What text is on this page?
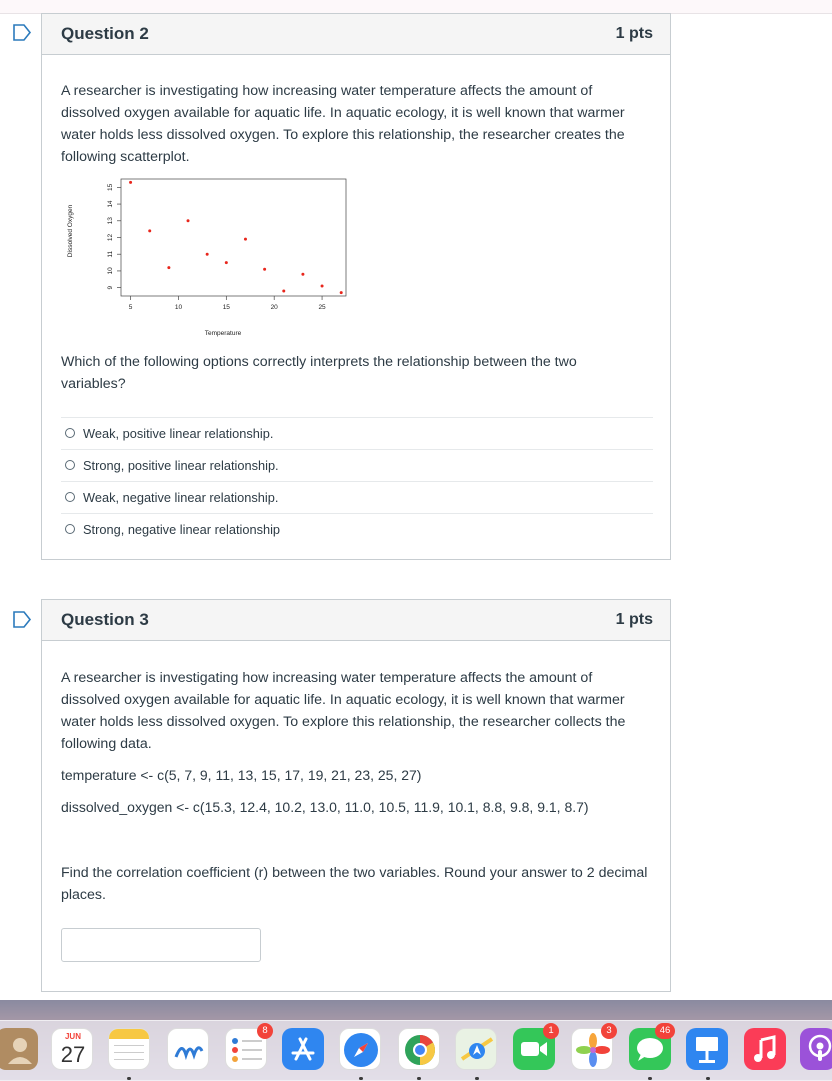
Question 2	1 pts
A researcher is investigating how increasing water temperature affects the amount of
dissolved oxygen available for aquatic life. In aquatic ecology, it is well known that warmer
water holds less dissolved oxygen. To explore this relationship, the researcher creates the
following scatterplot.
Dissolved Oxygen
Temperature
5	10	15	20	25
9
10
11
12
13
14
15
Which of the following options correctly interprets the relationship between the two
variables?
Weak, positive linear relationship.
Strong, positive linear relationship.
Weak, negative linear relationship.
Strong, negative linear relationship
Question 3	1 pts
A researcher is investigating how increasing water temperature affects the amount of
dissolved oxygen available for aquatic life. In aquatic ecology, it is well known that warmer
water holds less dissolved oxygen. To explore this relationship, the researcher collects the
following data.
temperature <- c(5, 7, 9, 11, 13, 15, 17, 19, 21, 23, 25, 27)
dissolved_oxygen <- c(15.3, 12.4, 10.2, 13.0, 11.0, 10.5, 11.9, 10.1, 8.8, 9.8, 9.1, 8.7)
Find the correlation coefficient (r) between the two variables. Round your answer to 2 decimal
places.
JUN
27
8	1	3	46
